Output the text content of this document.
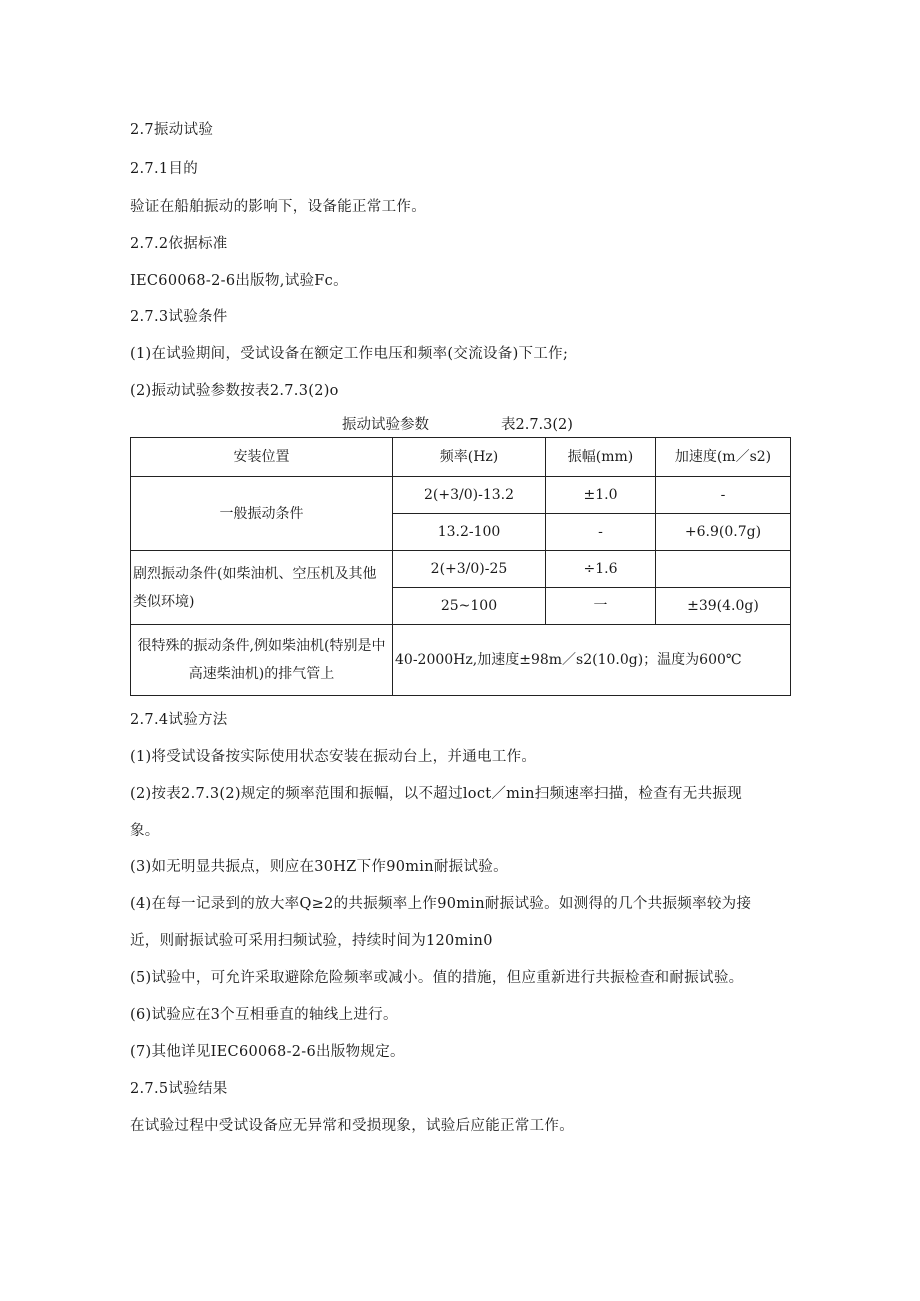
2.7振动试验
2.7.1目的
验证在船舶振动的影响下，设备能正常工作。
2.7.2依据标准
IEC60068-2-6出版物,试验Fc。
2.7.3试验条件
(1)在试验期间，受试设备在额定工作电压和频率(交流设备)下工作;
(2)振动试验参数按表2.7.3(2)o
振动试验参数	表2.7.3(2)
安装位置	频率(Hz)	振幅(mm)	加速度(m／s2)
一般振动条件	2(+3/0)-13.2	±1.0	-
	13.2-100	-	+6.9(0.7g)
剧烈振动条件(如柴油机、空压机及其他类似环境)	2(+3/0)-25	÷1.6	
	25~100	一	±39(4.0g)
很特殊的振动条件,例如柴油机(特别是中高速柴油机)的排气管上	40-2000Hz,加速度±98m／s2(10.0g)；温度为600℃		
2.7.4试验方法
(1)将受试设备按实际使用状态安装在振动台上，并通电工作。
(2)按表2.7.3(2)规定的频率范围和振幅，以不超过loct／min扫频速率扫描，检查有无共振现
象。
(3)如无明显共振点，则应在30HZ下作90min耐振试验。
(4)在每一记录到的放大率Q≥2的共振频率上作90min耐振试验。如测得的几个共振频率较为接
近，则耐振试验可采用扫频试验，持续时间为120min0
(5)试验中，可允许采取避除危险频率或减小。值的措施，但应重新进行共振检查和耐振试验。
(6)试验应在3个互相垂直的轴线上进行。
(7)其他详见IEC60068-2-6出版物规定。
2.7.5试验结果
在试验过程中受试设备应无异常和受损现象，试验后应能正常工作。
